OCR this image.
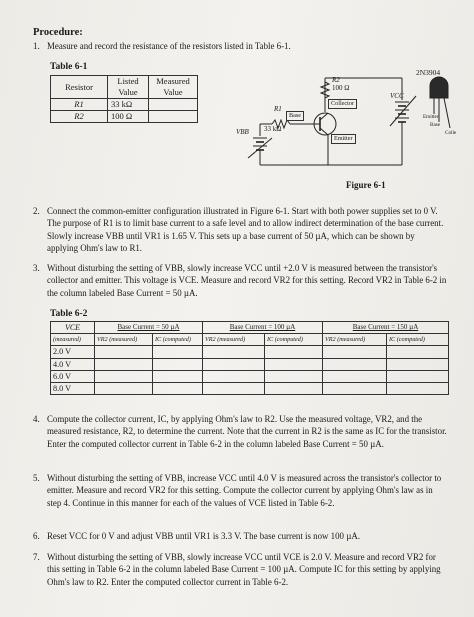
Procedure:
1. Measure and record the resistance of the resistors listed in Table 6-1.
Table 6-1
Resistor	Listed Value	Measured Value
R1	33 kΩ	
R2	100 Ω	
2N3904
R2
100 Ω
Collector
R1
Base
33 kΩ
VBB
VCC
Emitter
Emitter
Base
Colle
Figure 6-1
2. Connect the common-emitter configuration illustrated in Figure 6-1. Start with both power supplies set to 0 V. The purpose of R1 is to limit base current to a safe level and to allow indirect determination of the base current. Slowly increase VBB until VR1 is 1.65 V. This sets up a base current of 50 µA, which can be shown by applying Ohm's law to R1.
3. Without disturbing the setting of VBB, slowly increase VCC until +2.0 V is measured between the transistor's collector and emitter. This voltage is VCE. Measure and record VR2 for this setting. Record VR2 in Table 6-2 in the column labeled Base Current = 50 µA.
Table 6-2
VCE	Base Current = 50 µA		Base Current = 100 µA		Base Current = 150 µA	
(measured)	VR2 (measured)	IC (computed)	VR2 (measured)	IC (computed)	VR2 (measured)	IC (computed)
2.0 V						
4.0 V						
6.0 V						
8.0 V						
4. Compute the collector current, IC, by applying Ohm's law to R2. Use the measured voltage, VR2, and the measured resistance, R2, to determine the current. Note that the current in R2 is the same as IC for the transistor. Enter the computed collector current in Table 6-2 in the column labeled Base Current = 50 µA.
5. Without disturbing the setting of VBB, increase VCC until 4.0 V is measured across the transistor's collector to emitter. Measure and record VR2 for this setting. Compute the collector current by applying Ohm's law as in step 4. Continue in this manner for each of the values of VCE listed in Table 6-2.
6. Reset VCC for 0 V and adjust VBB until VR1 is 3.3 V. The base current is now 100 µA.
7. Without disturbing the setting of VBB, slowly increase VCC until VCE is 2.0 V. Measure and record VR2 for this setting in Table 6-2 in the column labeled Base Current = 100 µA. Compute IC for this setting by applying Ohm's law to R2. Enter the computed collector current in Table 6-2.
